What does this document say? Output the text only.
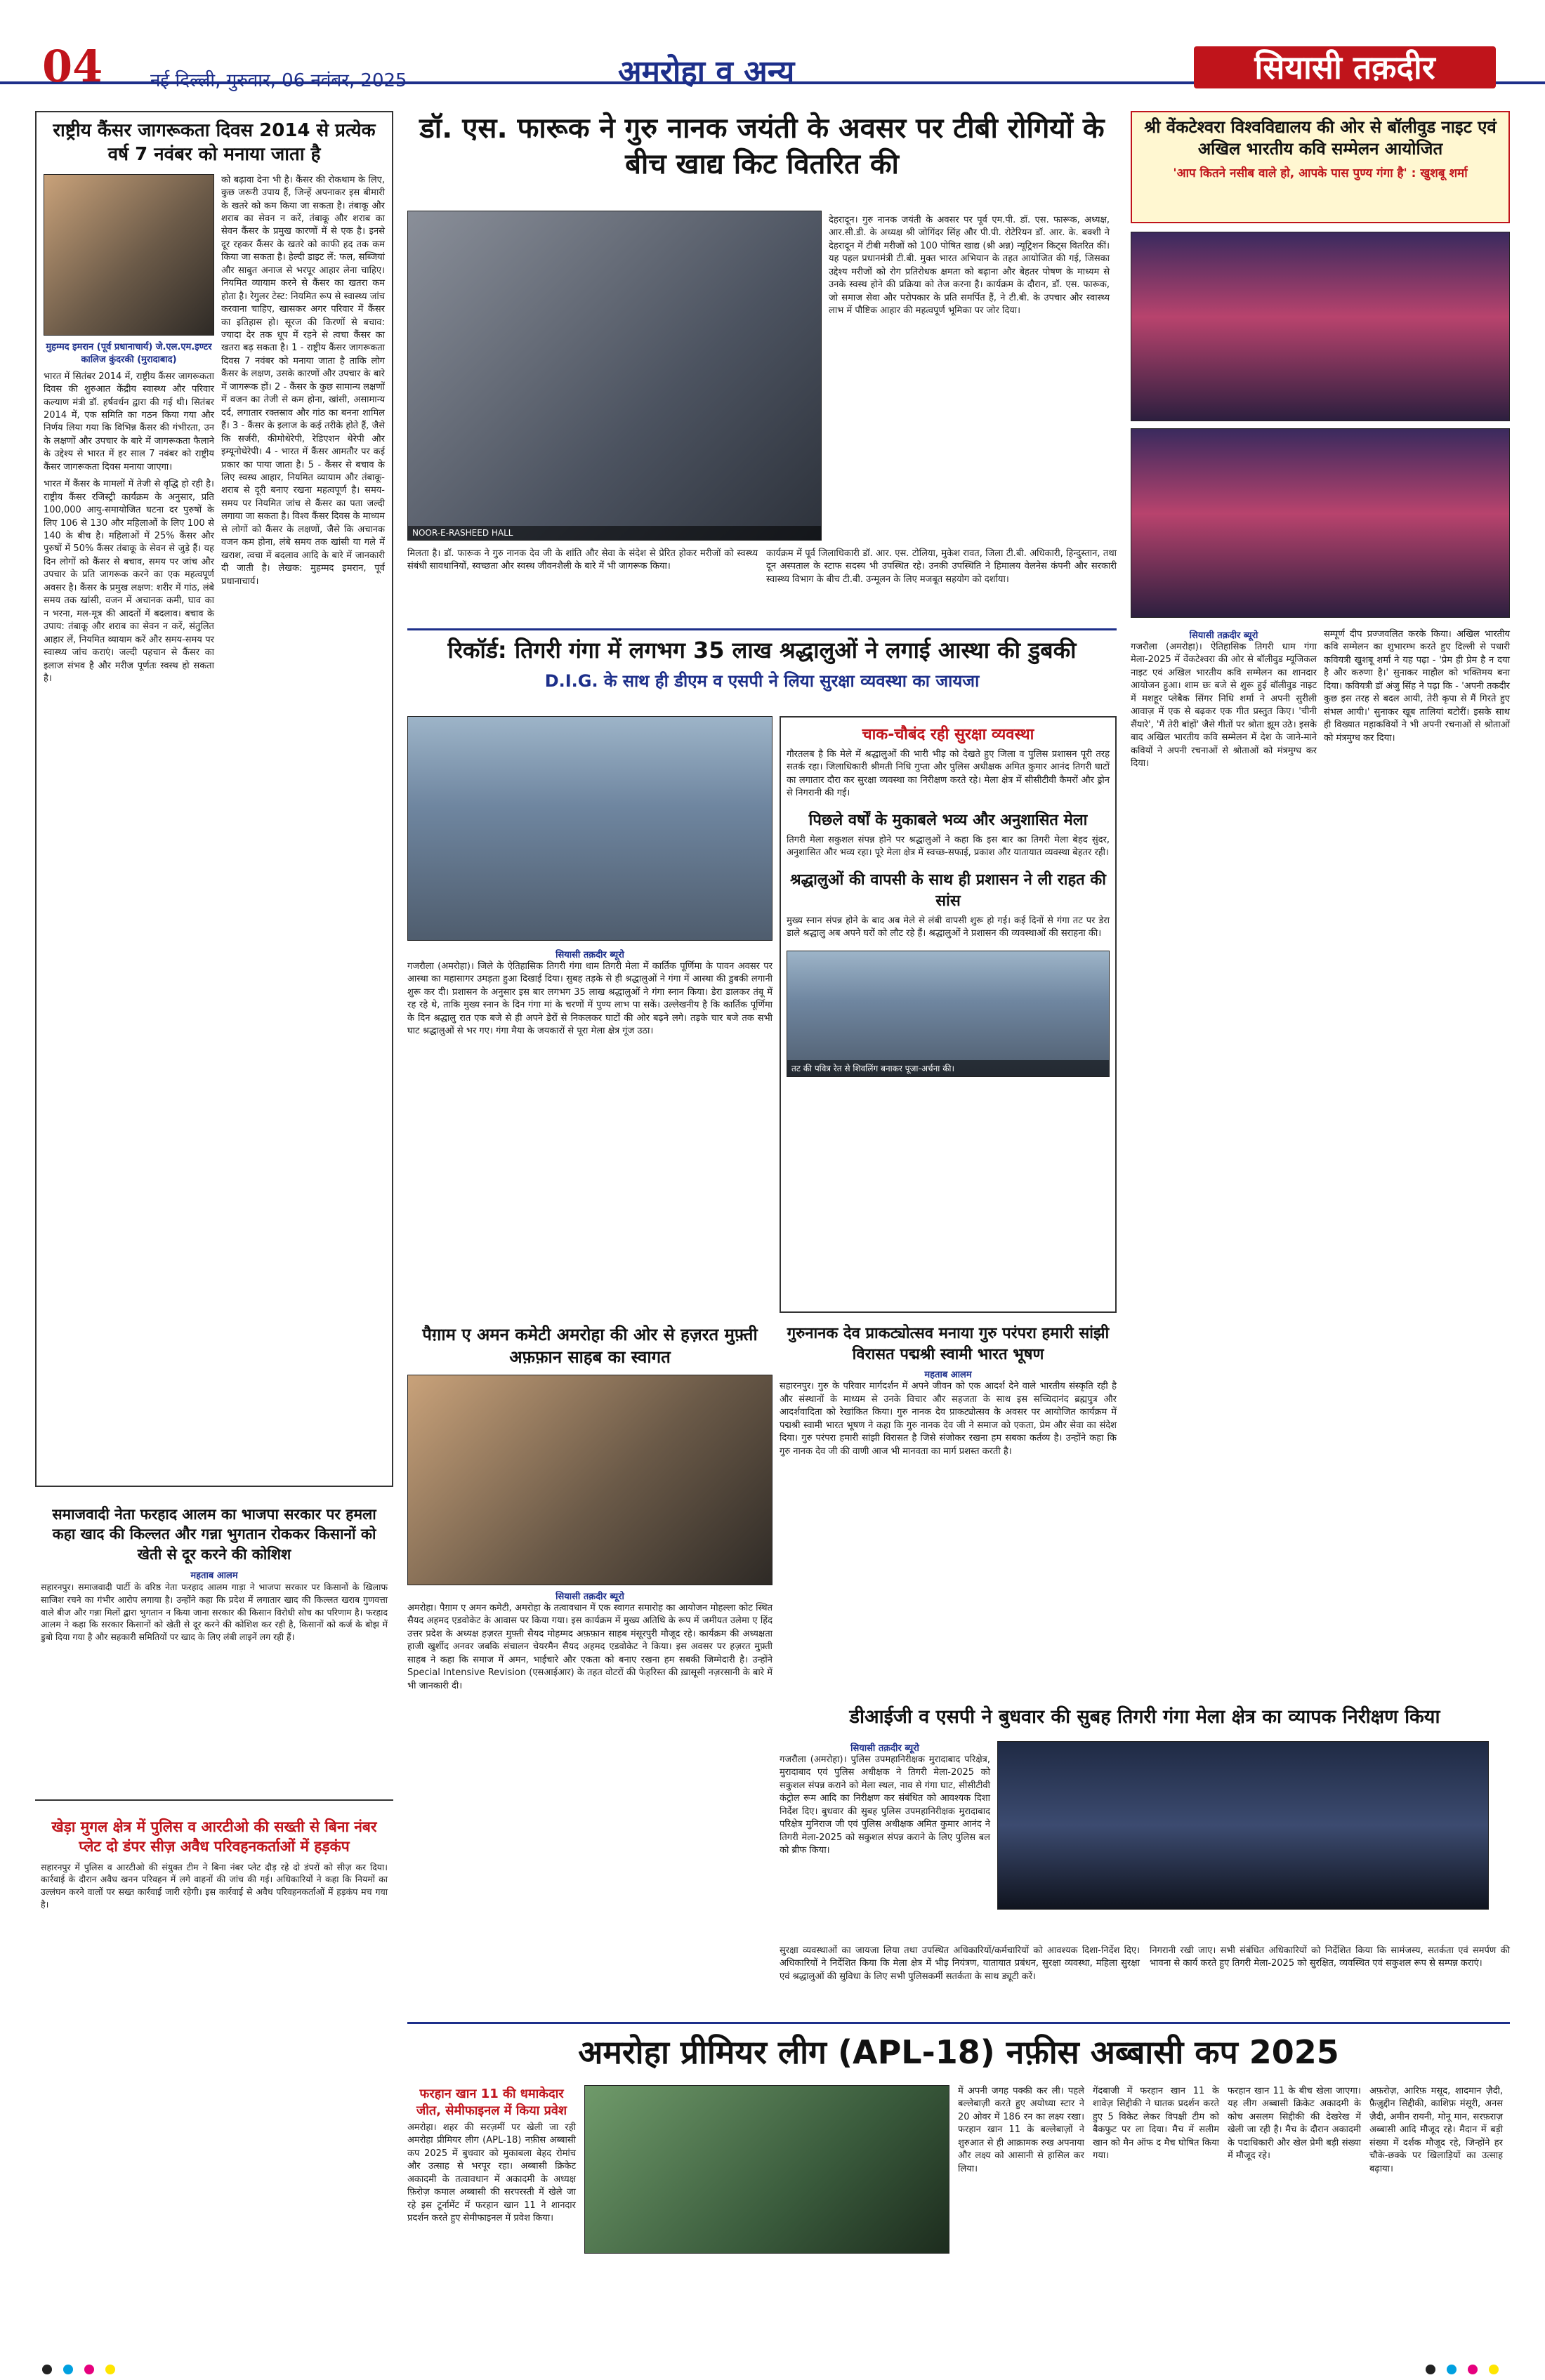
04	नई दिल्ली, गुरुवार, 06 नवंबर, 2025	अमरोहा व अन्य	सियासी तक़दीर
राष्ट्रीय कैंसर जागरूकता दिवस 2014 से प्रत्येक वर्ष 7 नवंबर को मनाया जाता है
मुहम्मद इमरान (पूर्व प्रधानाचार्य) जे.एल.एम.इण्टर कालिज कुंदरकी (मुरादाबाद)
भारत में सितंबर 2014 में, राष्ट्रीय कैंसर जागरूकता दिवस की शुरुआत केंद्रीय स्वास्थ्य और परिवार कल्याण मंत्री डॉ. हर्षवर्धन द्वारा की गई थी। सितंबर 2014 में, एक समिति का गठन किया गया और निर्णय लिया गया कि विभिन्न कैंसर की गंभीरता, उन के लक्षणों और उपचार के बारे में जागरूकता फैलाने के उद्देश्य से भारत में हर साल 7 नवंबर को राष्ट्रीय कैंसर जागरूकता दिवस मनाया जाएगा।
भारत में कैंसर के मामलों में तेजी से वृद्धि हो रही है। राष्ट्रीय कैंसर रजिस्ट्री कार्यक्रम के अनुसार, प्रति 100,000 आयु-समायोजित घटना दर पुरुषों के लिए 106 से 130 और महिलाओं के लिए 100 से 140 के बीच है। महिलाओं में 25% कैंसर और पुरुषों में 50% कैंसर तंबाकू के सेवन से जुड़े हैं। यह दिन लोगों को कैंसर से बचाव, समय पर जांच और उपचार के प्रति जागरूक करने का एक महत्वपूर्ण अवसर है। कैंसर के प्रमुख लक्षण: शरीर में गांठ, लंबे समय तक खांसी, वजन में अचानक कमी, घाव का न भरना, मल-मूत्र की आदतों में बदलाव। बचाव के उपाय: तंबाकू और शराब का सेवन न करें, संतुलित आहार लें, नियमित व्यायाम करें और समय-समय पर स्वास्थ्य जांच कराएं। जल्दी पहचान से कैंसर का इलाज संभव है और मरीज पूर्णतः स्वस्थ हो सकता है।
को बढ़ावा देना भी है। कैंसर की रोकथाम के लिए, कुछ जरूरी उपाय हैं, जिन्हें अपनाकर इस बीमारी के खतरे को कम किया जा सकता है। तंबाकू और शराब का सेवन न करें, तंबाकू और शराब का सेवन कैंसर के प्रमुख कारणों में से एक है। इनसे दूर रहकर कैंसर के खतरे को काफी हद तक कम किया जा सकता है। हेल्दी डाइट लें: फल, सब्जियां और साबुत अनाज से भरपूर आहार लेना चाहिए। नियमित व्यायाम करने से कैंसर का खतरा कम होता है। रेगुलर टेस्ट: नियमित रूप से स्वास्थ्य जांच करवाना चाहिए, खासकर अगर परिवार में कैंसर का इतिहास हो। सूरज की किरणों से बचाव: ज्यादा देर तक धूप में रहने से त्वचा कैंसर का खतरा बढ़ सकता है। 1 - राष्ट्रीय कैंसर जागरूकता दिवस 7 नवंबर को मनाया जाता है ताकि लोग कैंसर के लक्षण, उसके कारणों और उपचार के बारे में जागरूक हों। 2 - कैंसर के कुछ सामान्य लक्षणों में वजन का तेजी से कम होना, खांसी, असामान्य दर्द, लगातार रक्तस्राव और गांठ का बनना शामिल हैं। 3 - कैंसर के इलाज के कई तरीके होते हैं, जैसे कि सर्जरी, कीमोथेरेपी, रेडिएशन थेरेपी और इम्यूनोथेरेपी। 4 - भारत में कैंसर आमतौर पर कई प्रकार का पाया जाता है। 5 - कैंसर से बचाव के लिए स्वस्थ आहार, नियमित व्यायाम और तंबाकू-शराब से दूरी बनाए रखना महत्वपूर्ण है। समय-समय पर नियमित जांच से कैंसर का पता जल्दी लगाया जा सकता है। विश्व कैंसर दिवस के माध्यम से लोगों को कैंसर के लक्षणों, जैसे कि अचानक वजन कम होना, लंबे समय तक खांसी या गले में खराश, त्वचा में बदलाव आदि के बारे में जानकारी दी जाती है। लेखक: मुहम्मद इमरान, पूर्व प्रधानाचार्य।
समाजवादी नेता फरहाद आलम का भाजपा सरकार पर हमला कहा खाद की किल्लत और गन्ना भुगतान रोककर किसानों को खेती से दूर करने की कोशिश
महताब आलम
सहारनपुर। समाजवादी पार्टी के वरिष्ठ नेता फरहाद आलम गाड़ा ने भाजपा सरकार पर किसानों के खिलाफ साजिश रचने का गंभीर आरोप लगाया है। उन्होंने कहा कि प्रदेश में लगातार खाद की किल्लत खराब गुणवत्ता वाले बीज और गन्ना मिलों द्वारा भुगतान न किया जाना सरकार की किसान विरोधी सोच का परिणाम है। फरहाद आलम ने कहा कि सरकार किसानों को खेती से दूर करने की कोशिश कर रही है, किसानों को कर्ज के बोझ में डुबो दिया गया है और सहकारी समितियों पर खाद के लिए लंबी लाइनें लग रही हैं।
खेड़ा मुगल क्षेत्र में पुलिस व आरटीओ की सख्ती से बिना नंबर प्लेट दो डंपर सीज़ अवैध परिवहनकर्ताओं में हड़कंप
सहारनपुर में पुलिस व आरटीओ की संयुक्त टीम ने बिना नंबर प्लेट दौड़ रहे दो डंपरों को सीज़ कर दिया। कार्रवाई के दौरान अवैध खनन परिवहन में लगे वाहनों की जांच की गई। अधिकारियों ने कहा कि नियमों का उल्लंघन करने वालों पर सख्त कार्रवाई जारी रहेगी। इस कार्रवाई से अवैध परिवहनकर्ताओं में हड़कंप मच गया है।
डॉ. एस. फारूक ने गुरु नानक जयंती के अवसर पर टीबी रोगियों के बीच खाद्य किट वितरित की
NOOR-E-RASHEED HALL
देहरादून। गुरु नानक जयंती के अवसर पर पूर्व एम.पी. डॉ. एस. फारूक, अध्यक्ष, आर.सी.डी. के अध्यक्ष श्री जोगिंदर सिंह और पी.पी. रोटेरियन डॉ. आर. के. बक्शी ने देहरादून में टीबी मरीजों को 100 पोषित खाद्य (श्री अन्न) न्यूट्रिशन किट्स वितरित कीं। यह पहल प्रधानमंत्री टी.बी. मुक्त भारत अभियान के तहत आयोजित की गई, जिसका उद्देश्य मरीजों को रोग प्रतिरोधक क्षमता को बढ़ाना और बेहतर पोषण के माध्यम से उनके स्वस्थ होने की प्रक्रिया को तेज करना है। कार्यक्रम के दौरान, डॉ. एस. फारूक, जो समाज सेवा और परोपकार के प्रति समर्पित हैं, ने टी.बी. के उपचार और स्वास्थ्य लाभ में पौष्टिक आहार की महत्वपूर्ण भूमिका पर जोर दिया।
मिलता है। डॉ. फारूक ने गुरु नानक देव जी के शांति और सेवा के संदेश से प्रेरित होकर मरीजों को स्वस्थ्य संबंधी सावधानियों, स्वच्छता और स्वस्थ जीवनशैली के बारे में भी जागरूक किया।
कार्यक्रम में पूर्व जिलाधिकारी डॉ. आर. एस. टोलिया, मुकेश रावत, जिला टी.बी. अधिकारी, हिन्दुस्तान, तथा दून अस्पताल के स्टाफ सदस्य भी उपस्थित रहे। उनकी उपस्थिति ने हिमालय वेलनेस कंपनी और सरकारी स्वास्थ्य विभाग के बीच टी.बी. उन्मूलन के लिए मजबूत सहयोग को दर्शाया।
रिकॉर्ड: तिगरी गंगा में लगभग 35 लाख श्रद्धालुओं ने लगाई आस्था की डुबकी
D.I.G. के साथ ही डीएम व एसपी ने लिया सुरक्षा व्यवस्था का जायजा
सियासी तक़दीर ब्यूरो
गजरौला (अमरोहा)। जिले के ऐतिहासिक तिगरी गंगा धाम तिगरी मेला में कार्तिक पूर्णिमा के पावन अवसर पर आस्था का महासागर उमड़ता हुआ दिखाई दिया। सुबह तड़के से ही श्रद्धालुओं ने गंगा में आस्था की डुबकी लगानी शुरू कर दी। प्रशासन के अनुसार इस बार लगभग 35 लाख श्रद्धालुओं ने गंगा स्नान किया। डेरा डालकर तंबू में रह रहे थे, ताकि मुख्य स्नान के दिन गंगा मां के चरणों में पुण्य लाभ पा सकें। उल्लेखनीय है कि कार्तिक पूर्णिमा के दिन श्रद्धालु रात एक बजे से ही अपने डेरों से निकलकर घाटों की ओर बढ़ने लगे। तड़के चार बजे तक सभी घाट श्रद्धालुओं से भर गए। गंगा मैया के जयकारों से पूरा मेला क्षेत्र गूंज उठा।
चाक-चौबंद रही सुरक्षा व्यवस्था
गौरतलब है कि मेले में श्रद्धालुओं की भारी भीड़ को देखते हुए जिला व पुलिस प्रशासन पूरी तरह सतर्क रहा। जिलाधिकारी श्रीमती निधि गुप्ता और पुलिस अधीक्षक अमित कुमार आनंद तिगरी घाटों का लगातार दौरा कर सुरक्षा व्यवस्था का निरीक्षण करते रहे। मेला क्षेत्र में सीसीटीवी कैमरों और ड्रोन से निगरानी की गई।
पिछले वर्षों के मुकाबले भव्य और अनुशासित मेला
तिगरी मेला सकुशल संपन्न होने पर श्रद्धालुओं ने कहा कि इस बार का तिगरी मेला बेहद सुंदर, अनुशासित और भव्य रहा। पूरे मेला क्षेत्र में स्वच्छ-सफाई, प्रकाश और यातायात व्यवस्था बेहतर रही।
श्रद्धालुओं की वापसी के साथ ही प्रशासन ने ली राहत की सांस
मुख्य स्नान संपन्न होने के बाद अब मेले से लंबी वापसी शुरू हो गई। कई दिनों से गंगा तट पर डेरा डाले श्रद्धालु अब अपने घरों को लौट रहे हैं। श्रद्धालुओं ने प्रशासन की व्यवस्थाओं की सराहना की।
तट की पवित्र रेत से शिवलिंग बनाकर पूजा-अर्चना की।
पैग़ाम ए अमन कमेटी अमरोहा की ओर से हज़रत मुफ़्ती अफ़फ़ान साहब का स्वागत
सियासी तक़दीर ब्यूरो
अमरोहा। पैग़ाम ए अमन कमेटी, अमरोहा के तत्वावधान में एक स्वागत समारोह का आयोजन मोहल्ला कोट स्थित सैयद अहमद एडवोकेट के आवास पर किया गया। इस कार्यक्रम में मुख्य अतिथि के रूप में जमीयत उलेमा ए हिंद उत्तर प्रदेश के अध्यक्ष हज़रत मुफ़्ती सैयद मोहम्मद अफ़फ़ान साहब मंसूरपुरी मौजूद रहे। कार्यक्रम की अध्यक्षता हाजी खुर्शीद अनवर जबकि संचालन चेयरमैन सैयद अहमद एडवोकेट ने किया। इस अवसर पर हज़रत मुफ़्ती साहब ने कहा कि समाज में अमन, भाईचारे और एकता को बनाए रखना हम सबकी जिम्मेदारी है। उन्होंने Special Intensive Revision (एसआईआर) के तहत वोटरों की फेहरिस्त की ख़ासूसी नज़रसानी के बारे में भी जानकारी दी।
गुरुनानक देव प्राकट्योत्सव मनाया गुरु परंपरा हमारी सांझी विरासत पद्मश्री स्वामी भारत भूषण
महताब आलम
सहारनपुर। गुरु के परिवार मार्गदर्शन में अपने जीवन को एक आदर्श देने वाले भारतीय संस्कृति रही है और संस्थानों के माध्यम से उनके विचार और सहजता के साथ इस सच्चिदानंद ब्रह्मपुत्र और आदर्शवादिता को रेखांकित किया। गुरु नानक देव प्राकट्योत्सव के अवसर पर आयोजित कार्यक्रम में पद्मश्री स्वामी भारत भूषण ने कहा कि गुरु नानक देव जी ने समाज को एकता, प्रेम और सेवा का संदेश दिया। गुरु परंपरा हमारी सांझी विरासत है जिसे संजोकर रखना हम सबका कर्तव्य है। उन्होंने कहा कि गुरु नानक देव जी की वाणी आज भी मानवता का मार्ग प्रशस्त करती है।
श्री वेंकटेश्वरा विश्वविद्यालय की ओर से बॉलीवुड नाइट एवं अखिल भारतीय कवि सम्मेलन आयोजित
'आप कितने नसीब वाले हो, आपके पास पुण्य गंगा है' : खुशबू शर्मा
सियासी तक़दीर ब्यूरो
गजरौला (अमरोहा)। ऐतिहासिक तिगरी धाम गंगा मेला-2025 में वेंकटेश्वरा की ओर से बॉलीवुड म्यूजिकल नाइट एवं अखिल भारतीय कवि सम्मेलन का शानदार आयोजन हुआ। शाम छः बजे से शुरू हुई बॉलीवुड नाइट में मशहूर प्लेबैक सिंगर निधि शर्मा ने अपनी सुरीली आवाज़ में एक से बढ़कर एक गीत प्रस्तुत किए। 'चीनी सैंयारे', 'मैं तेरी बांहों' जैसे गीतों पर श्रोता झूम उठे। इसके बाद अखिल भारतीय कवि सम्मेलन में देश के जाने-माने कवियों ने अपनी रचनाओं से श्रोताओं को मंत्रमुग्ध कर दिया।
सम्पूर्ण दीप प्रज्जवलित करके किया। अखिल भारतीय कवि सम्मेलन का शुभारम्भ करते हुए दिल्ली से पधारी कवियत्री खुशबू शर्मा ने यह पढ़ा - 'प्रेम ही प्रेम है न दया है और करुणा है।' सुनाकर माहौल को भक्तिमय बना दिया। कवियत्री डॉ अंजु सिंह ने पढ़ा कि - 'अपनी तकदीर कुछ इस तरह से बदल आयी, तेरी कृपा से मैं गिरते हुए संभल आयी।' सुनाकर खूब तालियां बटोरीं। इसके साथ ही विख्यात महाकवियों ने भी अपनी रचनाओं से श्रोताओं को मंत्रमुग्ध कर दिया।
डीआईजी व एसपी ने बुधवार की सुबह तिगरी गंगा मेला क्षेत्र का व्यापक निरीक्षण किया
सियासी तक़दीर ब्यूरो
गजरौला (अमरोहा)। पुलिस उपमहानिरीक्षक मुरादाबाद परिक्षेत्र, मुरादाबाद एवं पुलिस अधीक्षक ने तिगरी मेला-2025 को सकुशल संपन्न कराने को मेला स्थल, नाव से गंगा घाट, सीसीटीवी कंट्रोल रूम आदि का निरीक्षण कर संबंधित को आवश्यक दिशा निर्देश दिए। बुधवार की सुबह पुलिस उपमहानिरीक्षक मुरादाबाद परिक्षेत्र मुनिराज जी एवं पुलिस अधीक्षक अमित कुमार आनंद ने तिगरी मेला-2025 को सकुशल संपन्न कराने के लिए पुलिस बल को ब्रीफ किया।
सुरक्षा व्यवस्थाओं का जायजा लिया तथा उपस्थित अधिकारियों/कर्मचारियों को आवश्यक दिशा-निर्देश दिए। अधिकारियों ने निर्देशित किया कि मेला क्षेत्र में भीड़ नियंत्रण, यातायात प्रबंधन, सुरक्षा व्यवस्था, महिला सुरक्षा एवं श्रद्धालुओं की सुविधा के लिए सभी पुलिसकर्मी सतर्कता के साथ ड्यूटी करें।
निगरानी रखी जाए। सभी संबंधित अधिकारियों को निर्देशित किया कि सामंजस्य, सतर्कता एवं समर्पण की भावना से कार्य करते हुए तिगरी मेला-2025 को सुरक्षित, व्यवस्थित एवं सकुशल रूप से सम्पन्न कराएं।
अमरोहा प्रीमियर लीग (APL-18) नफ़ीस अब्बासी कप 2025
फरहान खान 11 की धमाकेदार जीत, सेमीफाइनल में किया प्रवेश
अमरोहा। शहर की सरज़मीं पर खेली जा रही अमरोहा प्रीमियर लीग (APL-18) नफ़ीस अब्बासी कप 2025 में बुधवार को मुकाबला बेहद रोमांच और उत्साह से भरपूर रहा। अब्बासी क्रिकेट अकादमी के तत्वावधान में अकादमी के अध्यक्ष फ़िरोज़ कमाल अब्बासी की सरपरस्ती में खेले जा रहे इस टूर्नामेंट में फरहान खान 11 ने शानदार प्रदर्शन करते हुए सेमीफाइनल में प्रवेश किया।
में अपनी जगह पक्की कर ली। पहले बल्लेबाज़ी करते हुए अयोध्या स्टार ने 20 ओवर में 186 रन का लक्ष्य रखा। फरहान खान 11 के बल्लेबाज़ों ने शुरुआत से ही आक्रामक रुख अपनाया और लक्ष्य को आसानी से हासिल कर लिया।
गेंदबाजी में फरहान खान 11 के शावेज़ सिद्दीकी ने घातक प्रदर्शन करते हुए 5 विकेट लेकर विपक्षी टीम को बैकफुट पर ला दिया। मैच में सलीम खान को मैन ऑफ द मैच घोषित किया गया।
फरहान खान 11 के बीच खेला जाएगा। यह लीग अब्बासी क्रिकेट अकादमी के कोच असलम सिद्दीकी की देखरेख में खेली जा रही है। मैच के दौरान अकादमी के पदाधिकारी और खेल प्रेमी बड़ी संख्या में मौजूद रहे।
अफ़रोज़, आरिफ़ मसूद, शादमान ज़ैदी, फ़ैज़ुद्दीन सिद्दीकी, काशिफ़ मंसूरी, अनस ज़ैदी, अमीन रायनी, मोनू मान, सरफ़राज़ अब्बासी आदि मौजूद रहे। मैदान में बड़ी संख्या में दर्शक मौजूद रहे, जिन्होंने हर चौके-छक्के पर खिलाड़ियों का उत्साह बढ़ाया।
